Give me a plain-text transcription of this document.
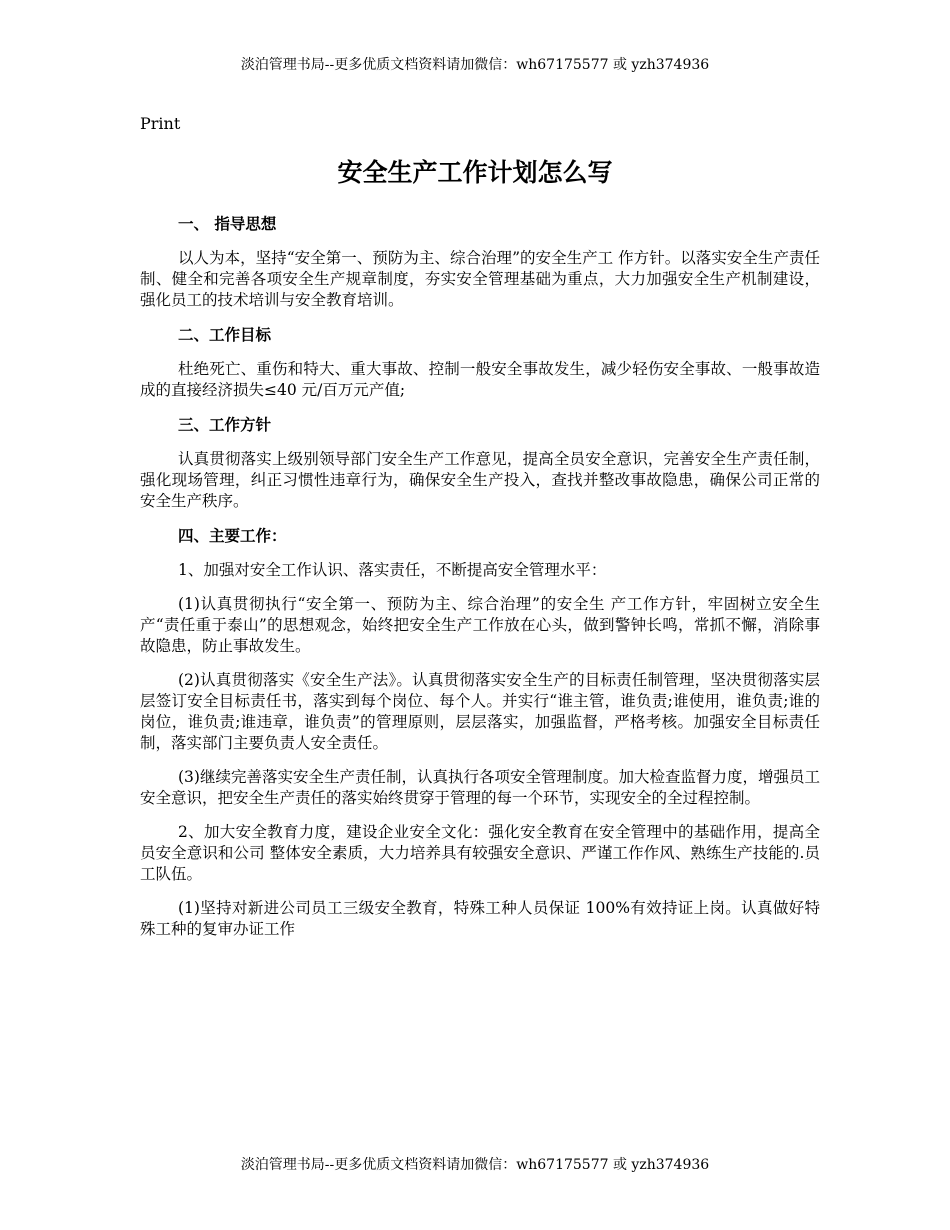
淡泊管理书局--更多优质文档资料请加微信：wh67175577 或 yzh374936
Print
安全生产工作计划怎么写
一、 指导思想

以人为本，坚持“安全第一、预防为主、综合治理”的安全生产工 作方针。以落实安全生产责任制、健全和完善各项安全生产规章制度，夯实安全管理基础为重点，大力加强安全生产机制建设，强化员工的技术培训与安全教育培训。

二、工作目标

杜绝死亡、重伤和特大、重大事故、控制一般安全事故发生，减少轻伤安全事故、一般事故造成的直接经济损失≤40 元/百万元产值;

三、工作方针

认真贯彻落实上级别领导部门安全生产工作意见，提高全员安全意识，完善安全生产责任制，强化现场管理，纠正习惯性违章行为，确保安全生产投入，查找并整改事故隐患，确保公司正常的安全生产秩序。

四、主要工作：

1、加强对安全工作认识、落实责任，不断提高安全管理水平：

(1)认真贯彻执行“安全第一、预防为主、综合治理”的安全生 产工作方针，牢固树立安全生产“责任重于泰山”的思想观念，始终把安全生产工作放在心头，做到警钟长鸣，常抓不懈，消除事故隐患，防止事故发生。

(2)认真贯彻落实《安全生产法》。认真贯彻落实安全生产的目标责任制管理，坚决贯彻落实层层签订安全目标责任书，落实到每个岗位、每个人。并实行“谁主管，谁负责;谁使用，谁负责;谁的岗位，谁负责;谁违章，谁负责”的管理原则，层层落实，加强监督，严格考核。加强安全目标责任制，落实部门主要负责人安全责任。

(3)继续完善落实安全生产责任制，认真执行各项安全管理制度。加大检查监督力度，增强员工安全意识，把安全生产责任的落实始终贯穿于管理的每一个环节，实现安全的全过程控制。

2、加大安全教育力度，建设企业安全文化：强化安全教育在安全管理中的基础作用，提高全员安全意识和公司 整体安全素质，大力培养具有较强安全意识、严谨工作作风、熟练生产技能的.员工队伍。

(1)坚持对新进公司员工三级安全教育，特殊工种人员保证 100%有效持证上岗。认真做好特殊工种的复审办证工作

淡泊管理书局--更多优质文档资料请加微信：wh67175577 或 yzh374936
